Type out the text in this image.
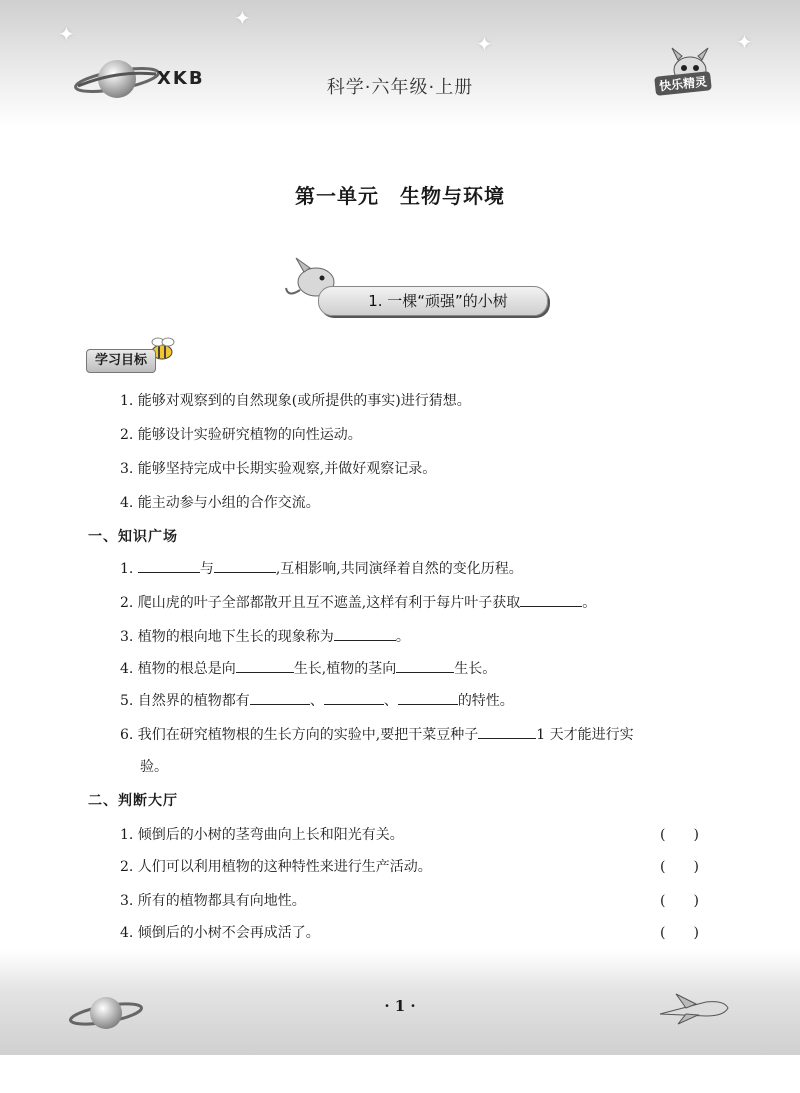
✦
✦
✦	✦
XKB	科学·六年级·上册	快乐精灵
第一单元　生物与环境
1. 一棵“顽强”的小树
学习目标
1. 能够对观察到的自然现象(或所提供的事实)进行猜想。
2. 能够设计实验研究植物的向性运动。
3. 能够坚持完成中长期实验观察,并做好观察记录。
4. 能主动参与小组的合作交流。
一、知识广场
1.	与	,互相影响,共同演绎着自然的变化历程。
2. 爬山虎的叶子全部都散开且互不遮盖,这样有利于每片叶子获取	。
3. 植物的根向地下生长的现象称为	。
4. 植物的根总是向	生长,植物的茎向	生长。
5. 自然界的植物都有	、	、	的特性。
6. 我们在研究植物根的生长方向的实验中,要把干菜豆种子	1 天才能进行实
验。
二、判断大厅
1. 倾倒后的小树的茎弯曲向上长和阳光有关。	(　　)
2. 人们可以利用植物的这种特性来进行生产活动。	(　　)
3. 所有的植物都具有向地性。	(　　)
4. 倾倒后的小树不会再成活了。	(　　)
· 1 ·
